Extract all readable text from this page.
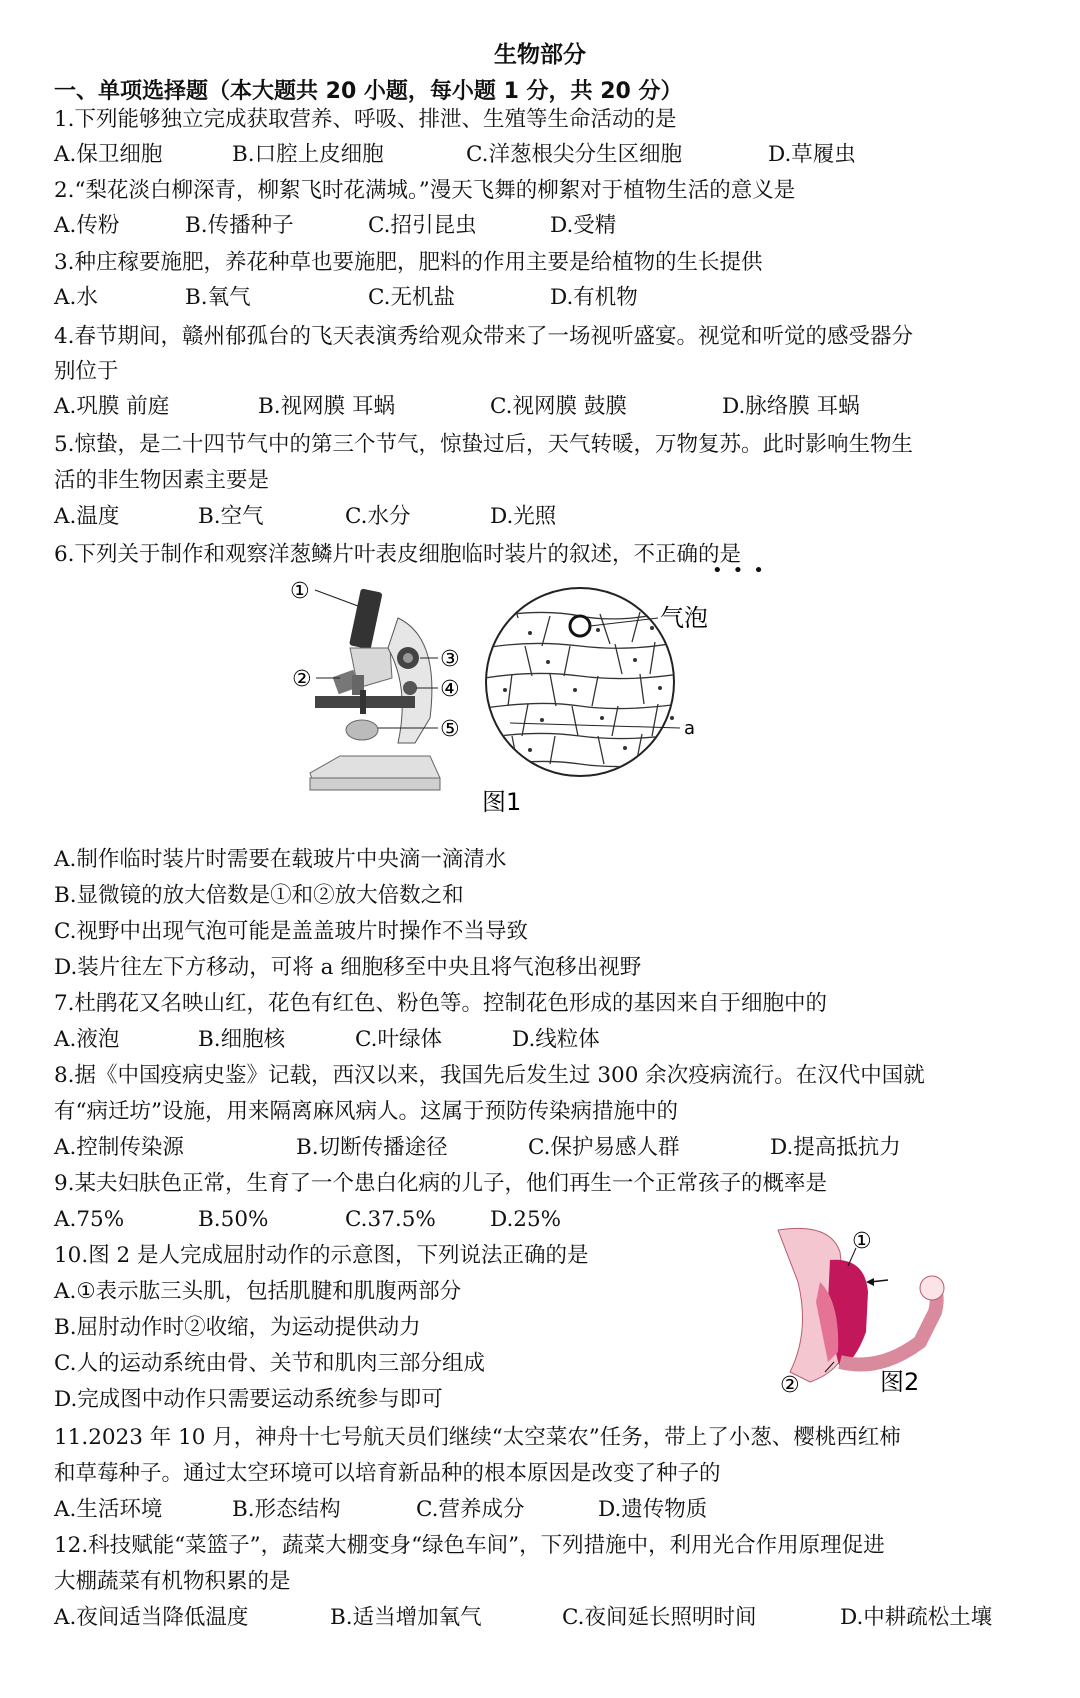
生物部分
一、单项选择题（本大题共 20 小题，每小题 1 分，共 20 分）
1.下列能够独立完成获取营养、呼吸、排泄、生殖等生命活动的是
A.保卫细胞	B.口腔上皮细胞	C.洋葱根尖分生区细胞	D.草履虫
2.“梨花淡白柳深青，柳絮飞时花满城。”漫天飞舞的柳絮对于植物生活的意义是
A.传粉	B.传播种子	C.招引昆虫	D.受精
3.种庄稼要施肥，养花种草也要施肥，肥料的作用主要是给植物的生长提供
A.水	B.氧气	C.无机盐	D.有机物
4.春节期间，赣州郁孤台的飞天表演秀给观众带来了一场视听盛宴。视觉和听觉的感受器分
别位于
A.巩膜 前庭	B.视网膜 耳蜗	C.视网膜 鼓膜	D.脉络膜 耳蜗
5.惊蛰，是二十四节气中的第三个节气，惊蛰过后，天气转暖，万物复苏。此时影响生物生
活的非生物因素主要是
A.温度	B.空气	C.水分	D.光照
6.下列关于制作和观察洋葱鳞片叶表皮细胞临时装片的叙述，不正确的是
•••
①
②
③
④
⑤
气泡
a
图1
A.制作临时装片时需要在载玻片中央滴一滴清水
B.显微镜的放大倍数是①和②放大倍数之和
C.视野中出现气泡可能是盖盖玻片时操作不当导致
D.装片往左下方移动，可将 a 细胞移至中央且将气泡移出视野
7.杜鹃花又名映山红，花色有红色、粉色等。控制花色形成的基因来自于细胞中的
A.液泡	B.细胞核	C.叶绿体	D.线粒体
8.据《中国疫病史鉴》记载，西汉以来，我国先后发生过 300 余次疫病流行。在汉代中国就
有“病迁坊”设施，用来隔离麻风病人。这属于预防传染病措施中的
A.控制传染源	B.切断传播途径	C.保护易感人群	D.提高抵抗力
9.某夫妇肤色正常，生育了一个患白化病的儿子，他们再生一个正常孩子的概率是
A.75%	B.50%	C.37.5%	D.25%
10.图 2 是人完成屈肘动作的示意图，下列说法正确的是
A.①表示肱三头肌，包括肌腱和肌腹两部分
B.屈肘动作时②收缩，为运动提供动力
C.人的运动系统由骨、关节和肌肉三部分组成
D.完成图中动作只需要运动系统参与即可
①
②	图2
11.2023 年 10 月，神舟十七号航天员们继续“太空菜农”任务，带上了小葱、樱桃西红柿
和草莓种子。通过太空环境可以培育新品种的根本原因是改变了种子的
A.生活环境	B.形态结构	C.营养成分	D.遗传物质
12.科技赋能“菜篮子”，蔬菜大棚变身“绿色车间”，下列措施中，利用光合作用原理促进
大棚蔬菜有机物积累的是
A.夜间适当降低温度	B.适当增加氧气	C.夜间延长照明时间	D.中耕疏松土壤
